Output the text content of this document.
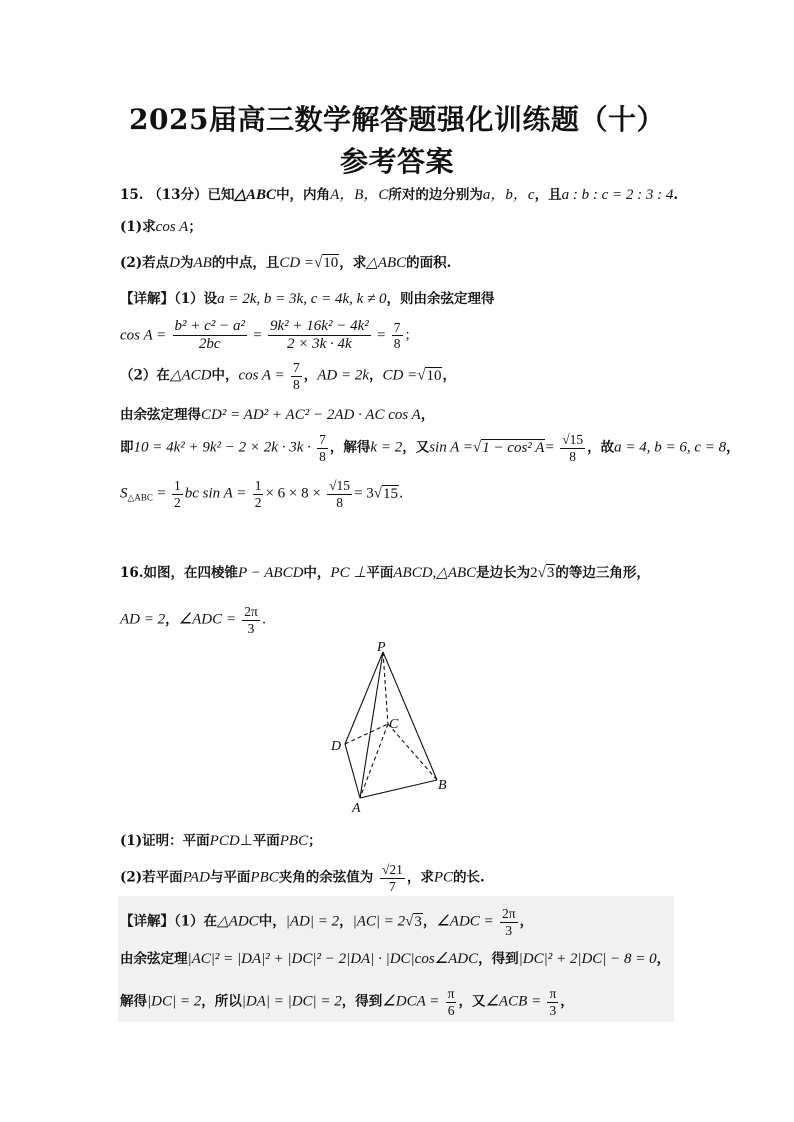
2025届高三数学解答题强化训练题（十）
参考答案
15. （13分）已知△ABC中，内角A，B，C所对的边分别为a，b，c，且a : b : c = 2 : 3 : 4.
(1)求cos A；
(2)若点D为AB的中点，且CD =√10，求△ABC的面积.
【详解】（1）设a = 2k, b = 3k, c = 4k, k ≠ 0，则由余弦定理得
$\cos A = \frac{\text{b² + c² − a²}}{2bc} = \frac{\text{9k² + 16k² − 4k²}}{2 \times 3k \cdot 4k} = \frac{7}{8}$ ；
（2）在△ACD中，$\cos A = \frac{7}{8}$ ，AD = 2k，CD =√10，
由余弦定理得CD² = AD² + AC² − 2AD · AC cos A，
即$10 = 4k^2 + 9k^2 - 2 \times 2k \cdot 3k \cdot \frac{7}{8}$ ，解得k = 2，又sin A =√1 − cos² $A= \frac{√15}{8}$ ，故a = 4, b = 6, c = 8，
$S_{\triangle ABC} = \frac{1}{2}$ bc $\sin A = \frac{1}{2} \times 6 \times 8 \times \frac{√15}{8} = 3√15$.
16.如图，在四棱锥P − ABCD中，PC ⊥平面ABCD,△ABC是边长为2√3的等边三角形，
AD = 2，∠ADC = $\frac{2\pi}{3}$ .
P
C
D
A
B
(1)证明：平面PCD⊥平面PBC；
(2)若平面PAD与平面PBC夹角的余弦值为 $\frac{√21}{7}$ ，求PC的长.
【详解】（1）在△ADC中，|AD| = 2，|AC| = 2√3，∠ADC = $\frac{2\pi}{3}$ ，
由余弦定理|AC|² = |DA|² + |DC|² − 2|DA| · |DC|cos∠ADC，得到|DC|² + 2|DC| − 8 = 0，
解得|DC| = 2，所以|DA| = |DC| = 2，得到∠DCA = $\frac{\pi}{6}$ ，又∠ACB = $\frac{\pi}{3}$ ，
